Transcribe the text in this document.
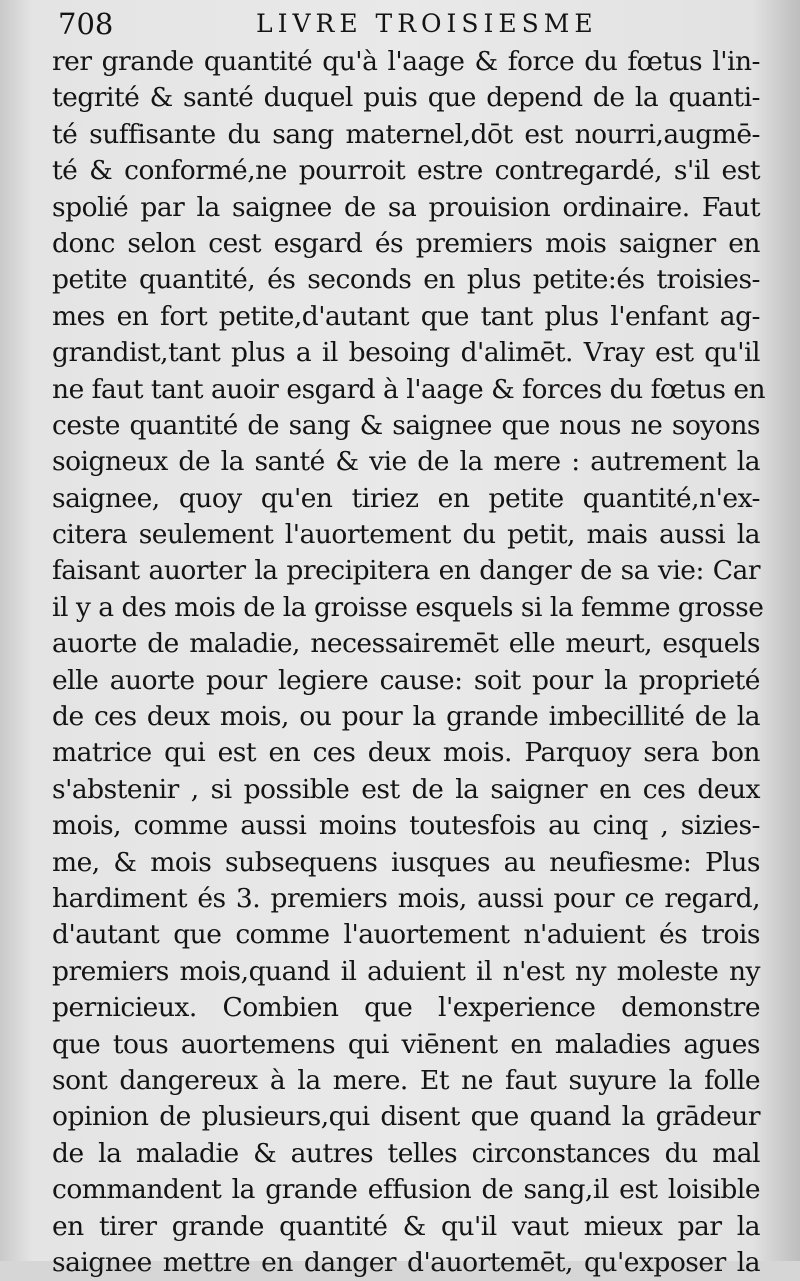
708	LIVRE TROISIESME
rer grande quantité qu'à l'aage & force du fœtus l'in-
tegrité & santé duquel puis que depend de la quanti-
té suffisante du sang maternel,dōt est nourri,augmē-
té & conformé,ne pourroit estre contregardé, s'il est
spolié par la saignee de sa prouision ordinaire. Faut
donc selon cest esgard és premiers mois saigner en
petite quantité, és seconds en plus petite:és troisies-
mes en fort petite,d'autant que tant plus l'enfant ag-
grandist,tant plus a il besoing d'alimēt. Vray est qu'il
ne faut tant auoir esgard à l'aage & forces du fœtus en
ceste quantité de sang & saignee que nous ne soyons
soigneux de la santé & vie de la mere : autrement la
saignee, quoy qu'en tiriez en petite quantité,n'ex-
citera seulement l'auortement du petit, mais aussi la
faisant auorter la precipitera en danger de sa vie: Car
il y a des mois de la groisse esquels si la femme grosse
auorte de maladie, necessairemēt elle meurt, esquels
elle auorte pour legiere cause: soit pour la proprieté
de ces deux mois, ou pour la grande imbecillité de la
matrice qui est en ces deux mois. Parquoy sera bon
s'abstenir , si possible est de la saigner en ces deux
mois, comme aussi moins toutesfois au cinq , sizies-
me, & mois subsequens iusques au neufiesme: Plus
hardiment és 3. premiers mois, aussi pour ce regard,
d'autant que comme l'auortement n'aduient és trois
premiers mois,quand il aduient il n'est ny moleste ny
pernicieux. Combien que l'experience demonstre
que tous auortemens qui viēnent en maladies agues
sont dangereux à la mere. Et ne faut suyure la folle
opinion de plusieurs,qui disent que quand la grādeur
de la maladie & autres telles circonstances du mal
commandent la grande effusion de sang,il est loisible
en tirer grande quantité & qu'il vaut mieux par la
saignee mettre en danger d'auortemēt, qu'exposer la
